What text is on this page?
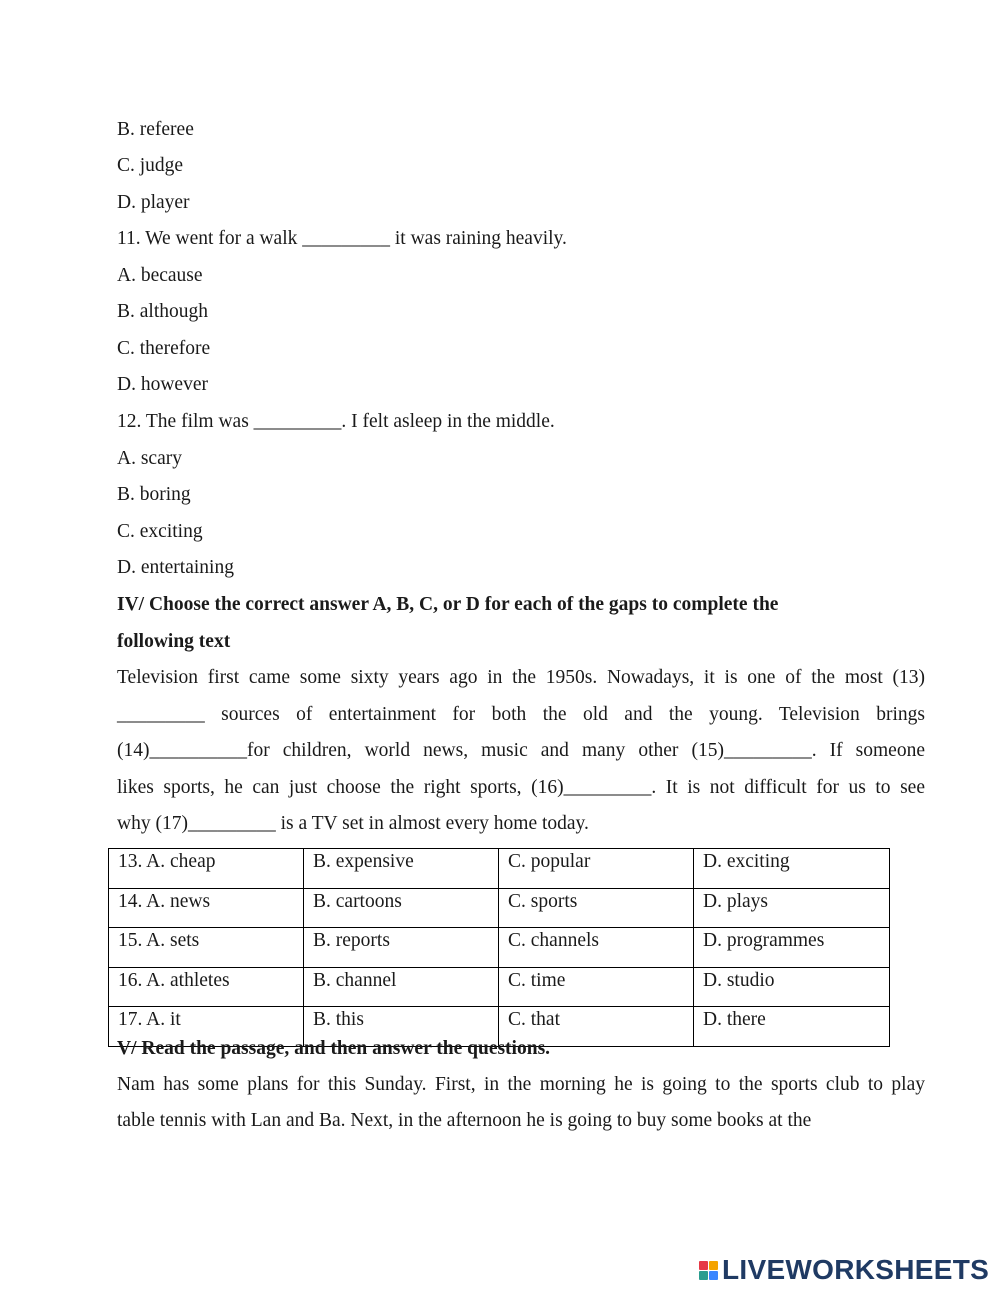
B. referee
C. judge
D. player
11. We went for a walk _________ it was raining heavily.
A. because
B. although
C. therefore
D. however
12. The film was _________. I felt asleep in the middle.
A. scary
B. boring
C. exciting
D. entertaining
IV/ Choose the correct answer A, B, C, or D for each of the gaps to complete the
following text
Television first came some sixty years ago in the 1950s. Nowadays, it is one of the most (13)
_________ sources of entertainment for both the old and the young. Television brings
(14)__________for children, world news, music and many other (15)_________. If someone
likes sports, he can just choose the right sports, (16)_________. It is not difficult for us to see
why (17)_________ is a TV set in almost every home today.
13. A. cheap	B. expensive	C. popular	D. exciting
14. A. news	B. cartoons	C. sports	D. plays
15. A. sets	B. reports	C. channels	D. programmes
16. A. athletes	B. channel	C. time	D. studio
17. A. it	B. this	C. that	D. there
V/ Read the passage, and then answer the questions.
Nam has some plans for this Sunday. First, in the morning he is going to the sports club to play
table tennis with Lan and Ba. Next, in the afternoon he is going to buy some books at the
LIVEWORKSHEETS
